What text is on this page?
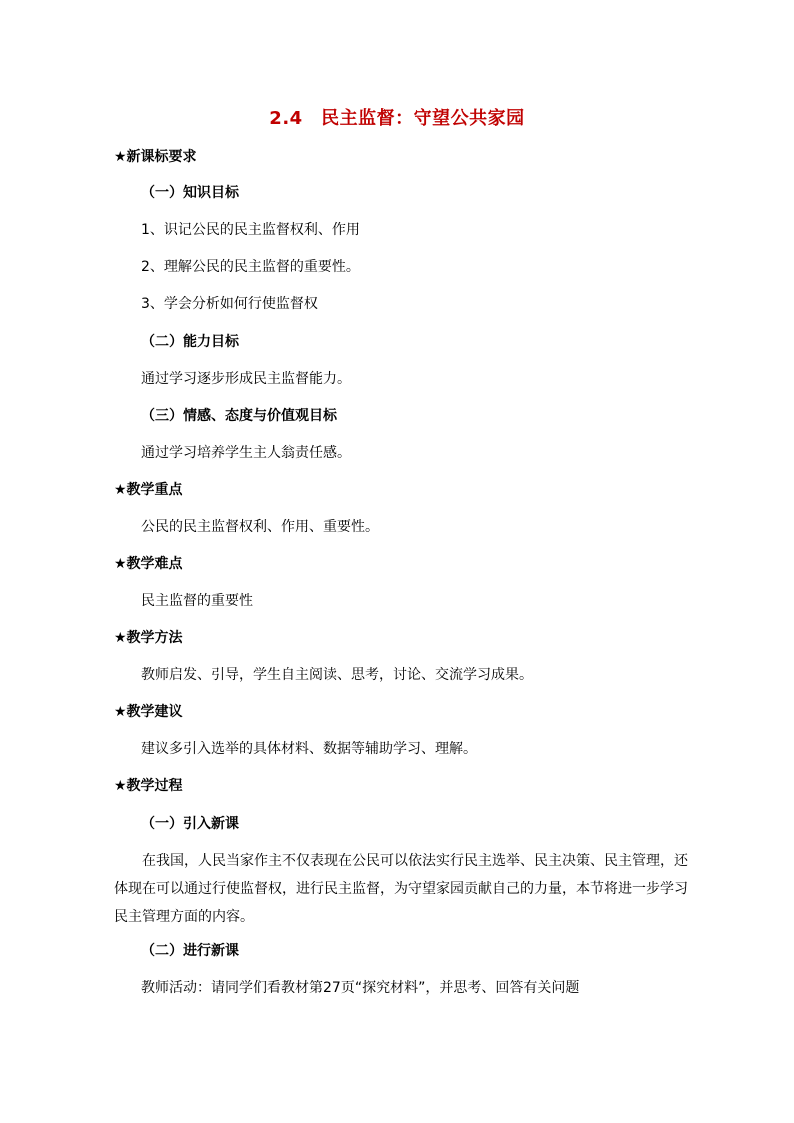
2.4　民主监督：守望公共家园
★新课标要求
（一）知识目标
1、识记公民的民主监督权利、作用
2、理解公民的民主监督的重要性。
3、学会分析如何行使监督权
（二）能力目标
通过学习逐步形成民主监督能力。
（三）情感、态度与价值观目标
通过学习培养学生主人翁责任感。
★教学重点
公民的民主监督权利、作用、重要性。
★教学难点
民主监督的重要性
★教学方法
教师启发、引导，学生自主阅读、思考，讨论、交流学习成果。
★教学建议
建议多引入选举的具体材料、数据等辅助学习、理解。
★教学过程
（一）引入新课
在我国，人民当家作主不仅表现在公民可以依法实行民主选举、民主决策、民主管理，还体现在可以通过行使监督权，进行民主监督，为守望家园贡献自己的力量，本节将进一步学习民主管理方面的内容。
（二）进行新课
教师活动：请同学们看教材第27页“探究材料”，并思考、回答有关问题
